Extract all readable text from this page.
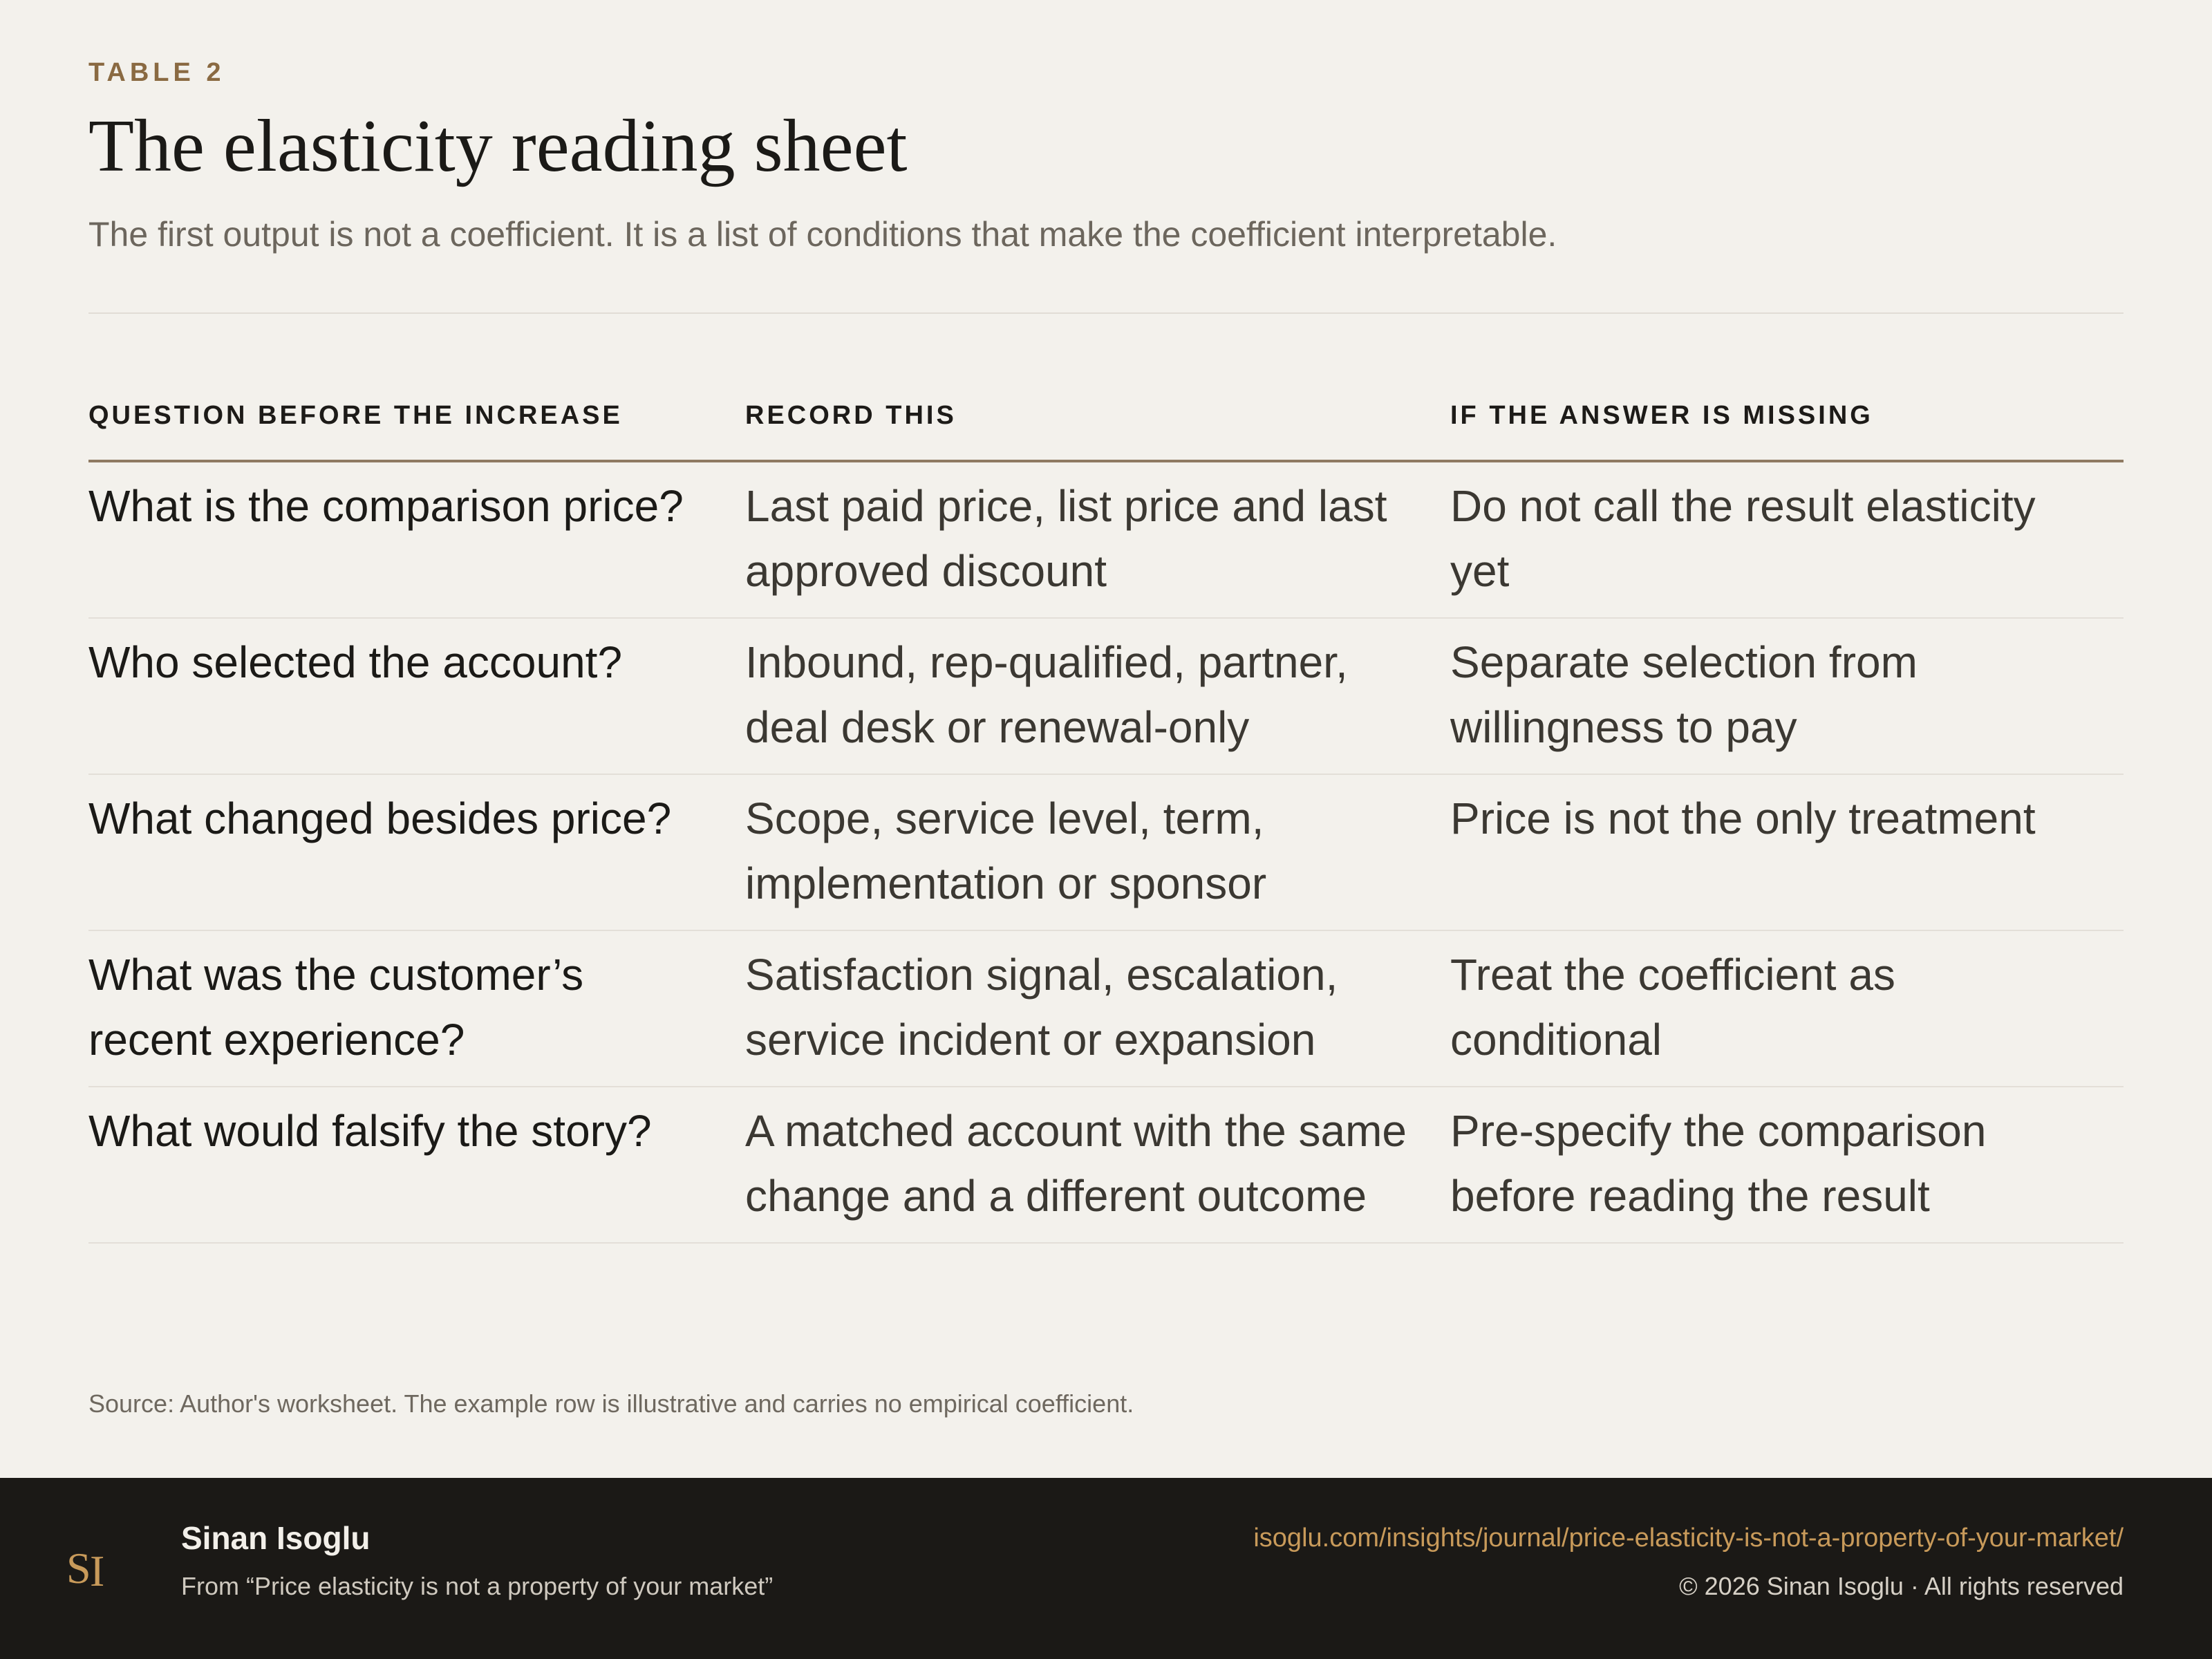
TABLE 2
The elasticity reading sheet
The first output is not a coefficient. It is a list of conditions that make the coefficient interpretable.
QUESTION BEFORE THE INCREASE	RECORD THIS	IF THE ANSWER IS MISSING
What is the comparison price?	Last paid price, list price and last approved discount	Do not call the result elasticity yet
Who selected the account?	Inbound, rep-qualified, partner, deal desk or renewal-only	Separate selection from willingness to pay
What changed besides price?	Scope, service level, term, implementation or sponsor	Price is not the only treatment
What was the customer’s recent experience?	Satisfaction signal, escalation, service incident or expansion	Treat the coefficient as conditional
What would falsify the story?	A matched account with the same change and a different outcome	Pre-specify the comparison before reading the result
Source: Author's worksheet. The example row is illustrative and carries no empirical coefficient.
S
I
Sinan Isoglu
From “Price elasticity is not a property of your market”
isoglu.com/insights/journal/price-elasticity-is-not-a-property-of-your-market/
© 2026 Sinan Isoglu · All rights reserved
